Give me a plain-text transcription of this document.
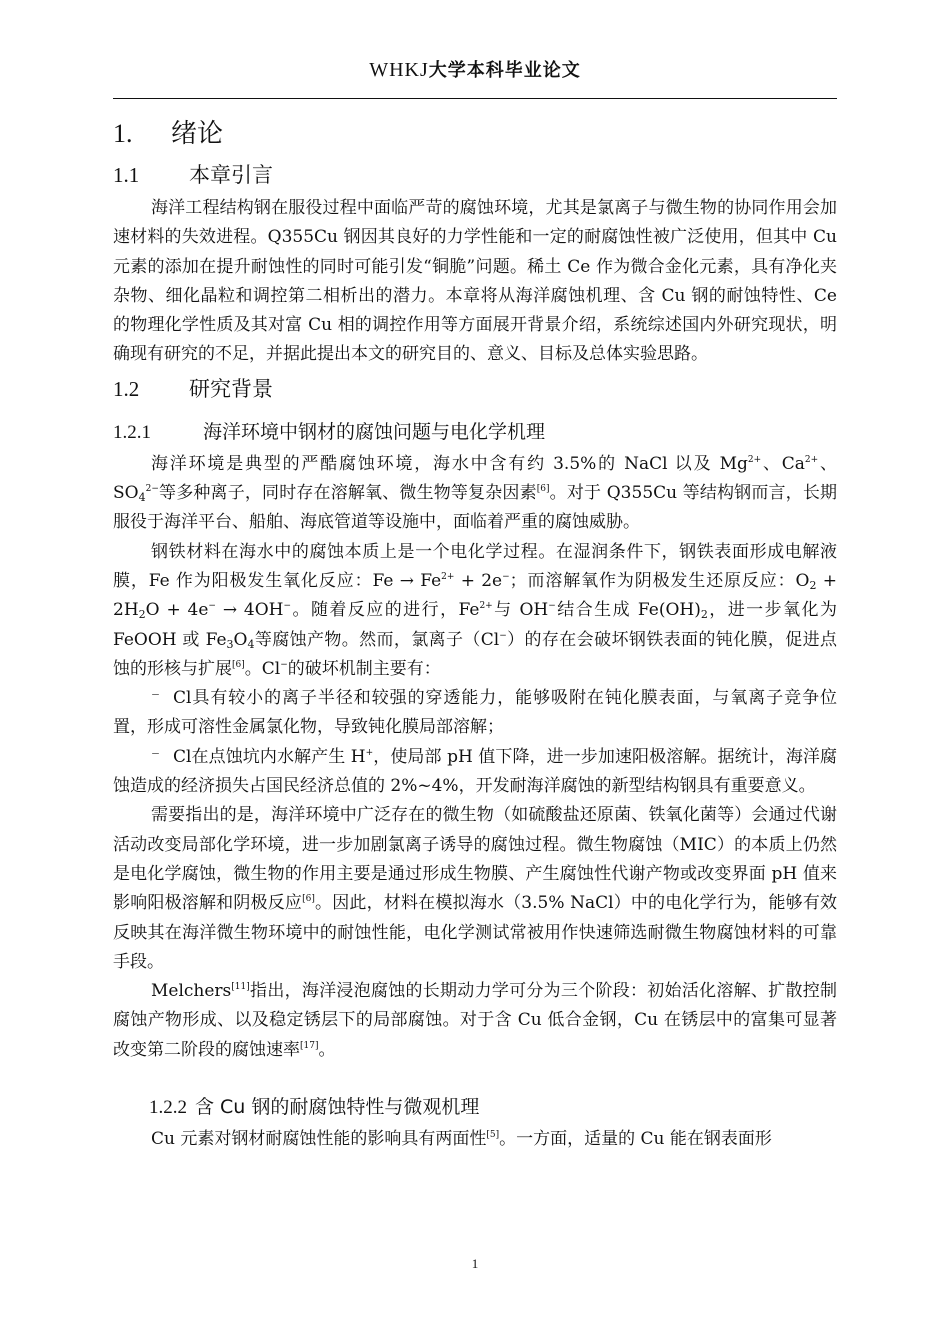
WHKJ大学本科毕业论文
1. 绪论
1.1 本章引言

海洋工程结构钢在服役过程中面临严苛的腐蚀环境，尤其是氯离子与微生物的协同作用会加速材料的失效进程。Q355Cu 钢因其良好的力学性能和一定的耐腐蚀性被广泛使用，但其中 Cu 元素的添加在提升耐蚀性的同时可能引发“铜脆”问题。稀土 Ce 作为微合金化元素，具有净化夹杂物、细化晶粒和调控第二相析出的潜力。本章将从海洋腐蚀机理、含 Cu 钢的耐蚀特性、Ce 的物理化学性质及其对富 Cu 相的调控作用等方面展开背景介绍，系统综述国内外研究现状，明确现有研究的不足，并据此提出本文的研究目的、意义、目标及总体实验思路。

1.2 研究背景
1.2.1	海洋环境中钢材的腐蚀问题与电化学机理

海洋环境是典型的严酷腐蚀环境，海水中含有约 3.5%的 NaCl 以及 $Mg^{2+}$、$Ca^{2+}$、$SO_4^{2-}$等多种离子，同时存在溶解氧、微生物等复杂因素[6]。对于 Q355Cu 等结构钢而言，长期服役于海洋平台、船舶、海底管道等设施中，面临着严重的腐蚀威胁。

钢铁材料在海水中的腐蚀本质上是一个电化学过程。在湿润条件下，钢铁表面形成电解液膜，Fe 作为阳极发生氧化反应：$Fe \to Fe^{2+} + 2e^-$；而溶解氧作为阴极发生还原反应：$O_2 + 2H_2O + 4e^- \to 4OH^-$。随着反应的进行，$Fe^{2+}$与 OH−结合生成 $Fe(OH)_2$，进一步氧化为 FeOOH 或 $Fe_3O_4$等腐蚀产物。然而，氯离子（Cl−）的存在会破坏钢铁表面的钝化膜，促进点蚀的形核与扩展[6]。Cl−的破坏机制主要有：

⁻ Cl具有较小的离子半径和较强的穿透能力，能够吸附在钝化膜表面，与氧离子竞争位置，形成可溶性金属氯化物，导致钝化膜局部溶解；

⁻ Cl在点蚀坑内水解产生 H+，使局部 pH 值下降，进一步加速阳极溶解。据统计，海洋腐蚀造成的经济损失占国民经济总值的 2%~4%，开发耐海洋腐蚀的新型结构钢具有重要意义。

需要指出的是，海洋环境中广泛存在的微生物（如硫酸盐还原菌、铁氧化菌等）会通过代谢活动改变局部化学环境，进一步加剧氯离子诱导的腐蚀过程。微生物腐蚀（MIC）的本质上仍然是电化学腐蚀，微生物的作用主要是通过形成生物膜、产生腐蚀性代谢产物或改变界面 pH 值来影响阳极溶解和阴极反应[6]。因此，材料在模拟海水（3.5% NaCl）中的电化学行为，能够有效反映其在海洋微生物环境中的耐蚀性能，电化学测试常被用作快速筛选耐微生物腐蚀材料的可靠手段。

Melchers[11]指出，海洋浸泡腐蚀的长期动力学可分为三个阶段：初始活化溶解、扩散控制腐蚀产物形成、以及稳定锈层下的局部腐蚀。对于含 Cu 低合金钢，Cu 在锈层中的富集可显著改变第二阶段的腐蚀速率[17]。

1.2.2 含 Cu 钢的耐腐蚀特性与微观机理

Cu 元素对钢材耐腐蚀性能的影响具有两面性[5]。一方面，适量的 Cu 能在钢表面形

1
